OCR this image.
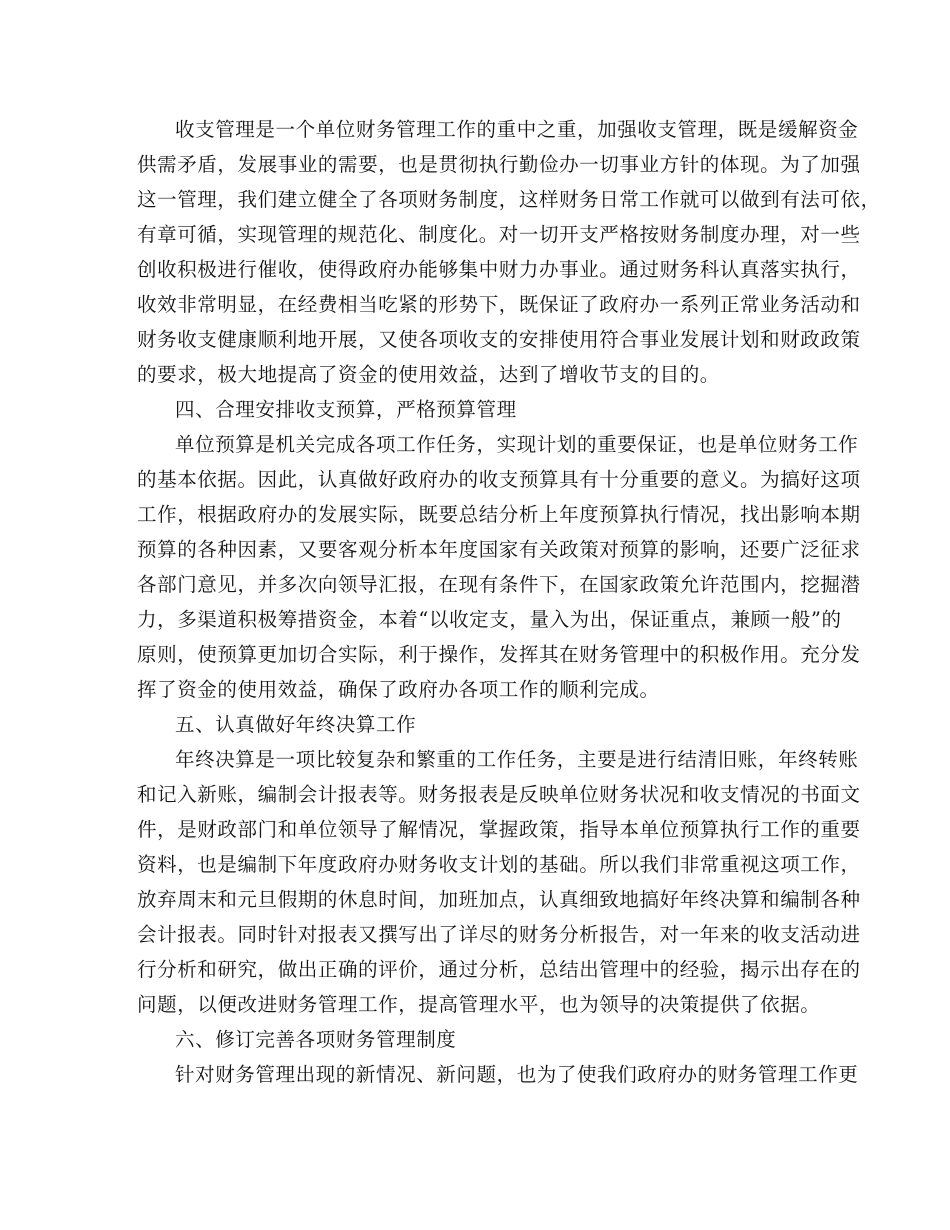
收支管理是一个单位财务管理工作的重中之重，加强收支管理，既是缓解资金
供需矛盾，发展事业的需要，也是贯彻执行勤俭办一切事业方针的体现。为了加强
这一管理，我们建立健全了各项财务制度，这样财务日常工作就可以做到有法可依，
有章可循，实现管理的规范化、制度化。对一切开支严格按财务制度办理，对一些
创收积极进行催收，使得政府办能够集中财力办事业。通过财务科认真落实执行，
收效非常明显，在经费相当吃紧的形势下，既保证了政府办一系列正常业务活动和
财务收支健康顺利地开展，又使各项收支的安排使用符合事业发展计划和财政政策
的要求，极大地提高了资金的使用效益，达到了增收节支的目的。
四、合理安排收支预算，严格预算管理
单位预算是机关完成各项工作任务，实现计划的重要保证，也是单位财务工作
的基本依据。因此，认真做好政府办的收支预算具有十分重要的意义。为搞好这项
工作，根据政府办的发展实际，既要总结分析上年度预算执行情况，找出影响本期
预算的各种因素，又要客观分析本年度国家有关政策对预算的影响，还要广泛征求
各部门意见，并多次向领导汇报，在现有条件下，在国家政策允许范围内，挖掘潜
力，多渠道积极筹措资金，本着“以收定支，量入为出，保证重点，兼顾一般”的
原则，使预算更加切合实际，利于操作，发挥其在财务管理中的积极作用。充分发
挥了资金的使用效益，确保了政府办各项工作的顺利完成。
五、认真做好年终决算工作
年终决算是一项比较复杂和繁重的工作任务，主要是进行结清旧账，年终转账
和记入新账，编制会计报表等。财务报表是反映单位财务状况和收支情况的书面文
件，是财政部门和单位领导了解情况，掌握政策，指导本单位预算执行工作的重要
资料，也是编制下年度政府办财务收支计划的基础。所以我们非常重视这项工作，
放弃周末和元旦假期的休息时间，加班加点，认真细致地搞好年终决算和编制各种
会计报表。同时针对报表又撰写出了详尽的财务分析报告，对一年来的收支活动进
行分析和研究，做出正确的评价，通过分析，总结出管理中的经验，揭示出存在的
问题，以便改进财务管理工作，提高管理水平，也为领导的决策提供了依据。
六、修订完善各项财务管理制度
针对财务管理出现的新情况、新问题，也为了使我们政府办的财务管理工作更
